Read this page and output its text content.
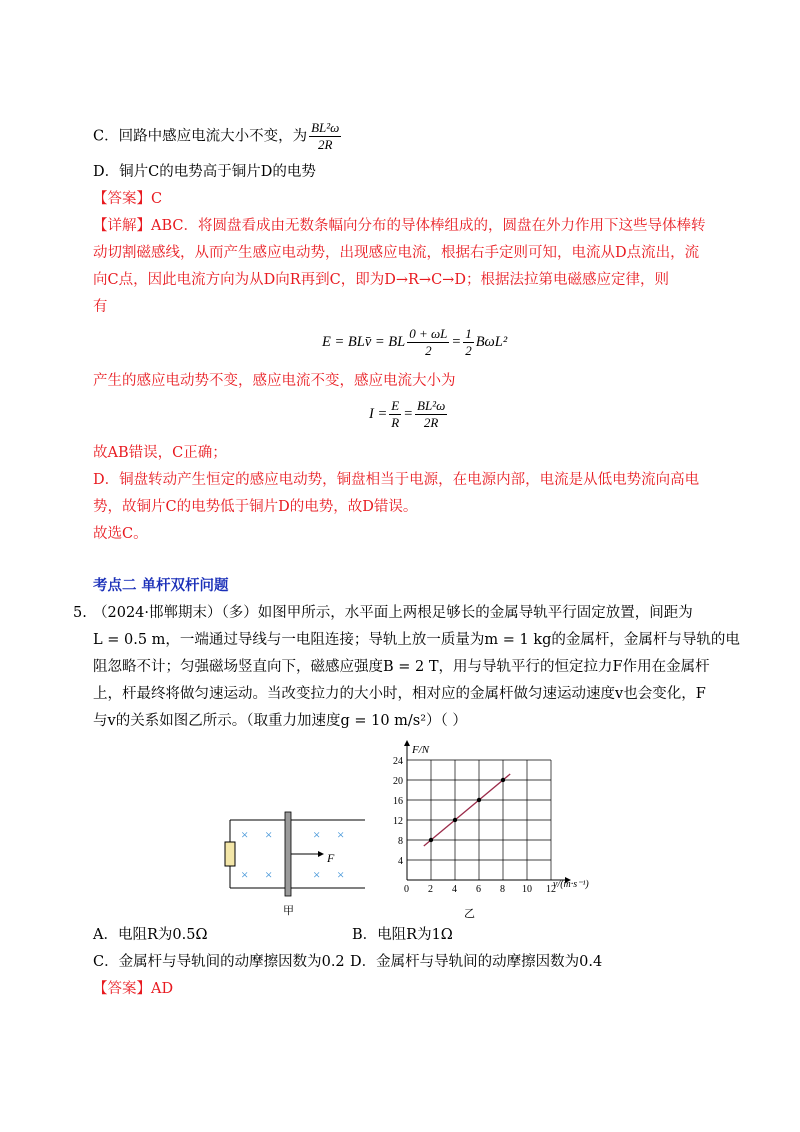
C．回路中感应电流大小不变，为 $\frac{\text{BL²ω}}{2R}$
D．铜片C的电势高于铜片D的电势
【答案】C
【详解】ABC．将圆盘看成由无数条幅向分布的导体棒组成的，圆盘在外力作用下这些导体棒转
动切割磁感线，从而产生感应电动势，出现感应电流，根据右手定则可知，电流从D点流出，流
向C点，因此电流方向为从D向R再到C，即为D→R→C→D；根据法拉第电磁感应定律，则
有
E = BLv̄ = BL $\frac{0 + \omega L}{2} = \frac{1}{2} B\omega L^2$
产生的感应电动势不变，感应电流不变，感应电流大小为
$I = \frac{E}{R} = \frac{\text{BL²ω}}{2R}$
故AB错误，C正确；
D．铜盘转动产生恒定的感应电动势，铜盘相当于电源，在电源内部，电流是从低电势流向高电
势，故铜片C的电势低于铜片D的电势，故D错误。
故选C。
考点二 单杆双杆问题
5. （2024·邯郸期末）（多）如图甲所示，水平面上两根足够长的金属导轨平行固定放置，间距为
L = 0.5 m，一端通过导线与一电阻连接；导轨上放一质量为m = 1 kg的金属杆，金属杆与导轨的电
阻忽略不计；匀强磁场竖直向下，磁感应强度B = 2 T，用与导轨平行的恒定拉力F作用在金属杆
上，杆最终将做匀速运动。当改变拉力的大小时，相对应的金属杆做匀速运动速度v也会变化，F
与v的关系如图乙所示。（取重力加速度g = 10 m/s²）（ ）
× ×	× ×
× ×	× ×
F
甲
0 2 4 6 8 10 12
4
8
12
16
20
24
F/N
v/(m·s⁻¹)
乙
A．电阻R为0.5Ω	B．电阻R为1Ω
C．金属杆与导轨间的动摩擦因数为0.2 D．金属杆与导轨间的动摩擦因数为0.4
【答案】AD
